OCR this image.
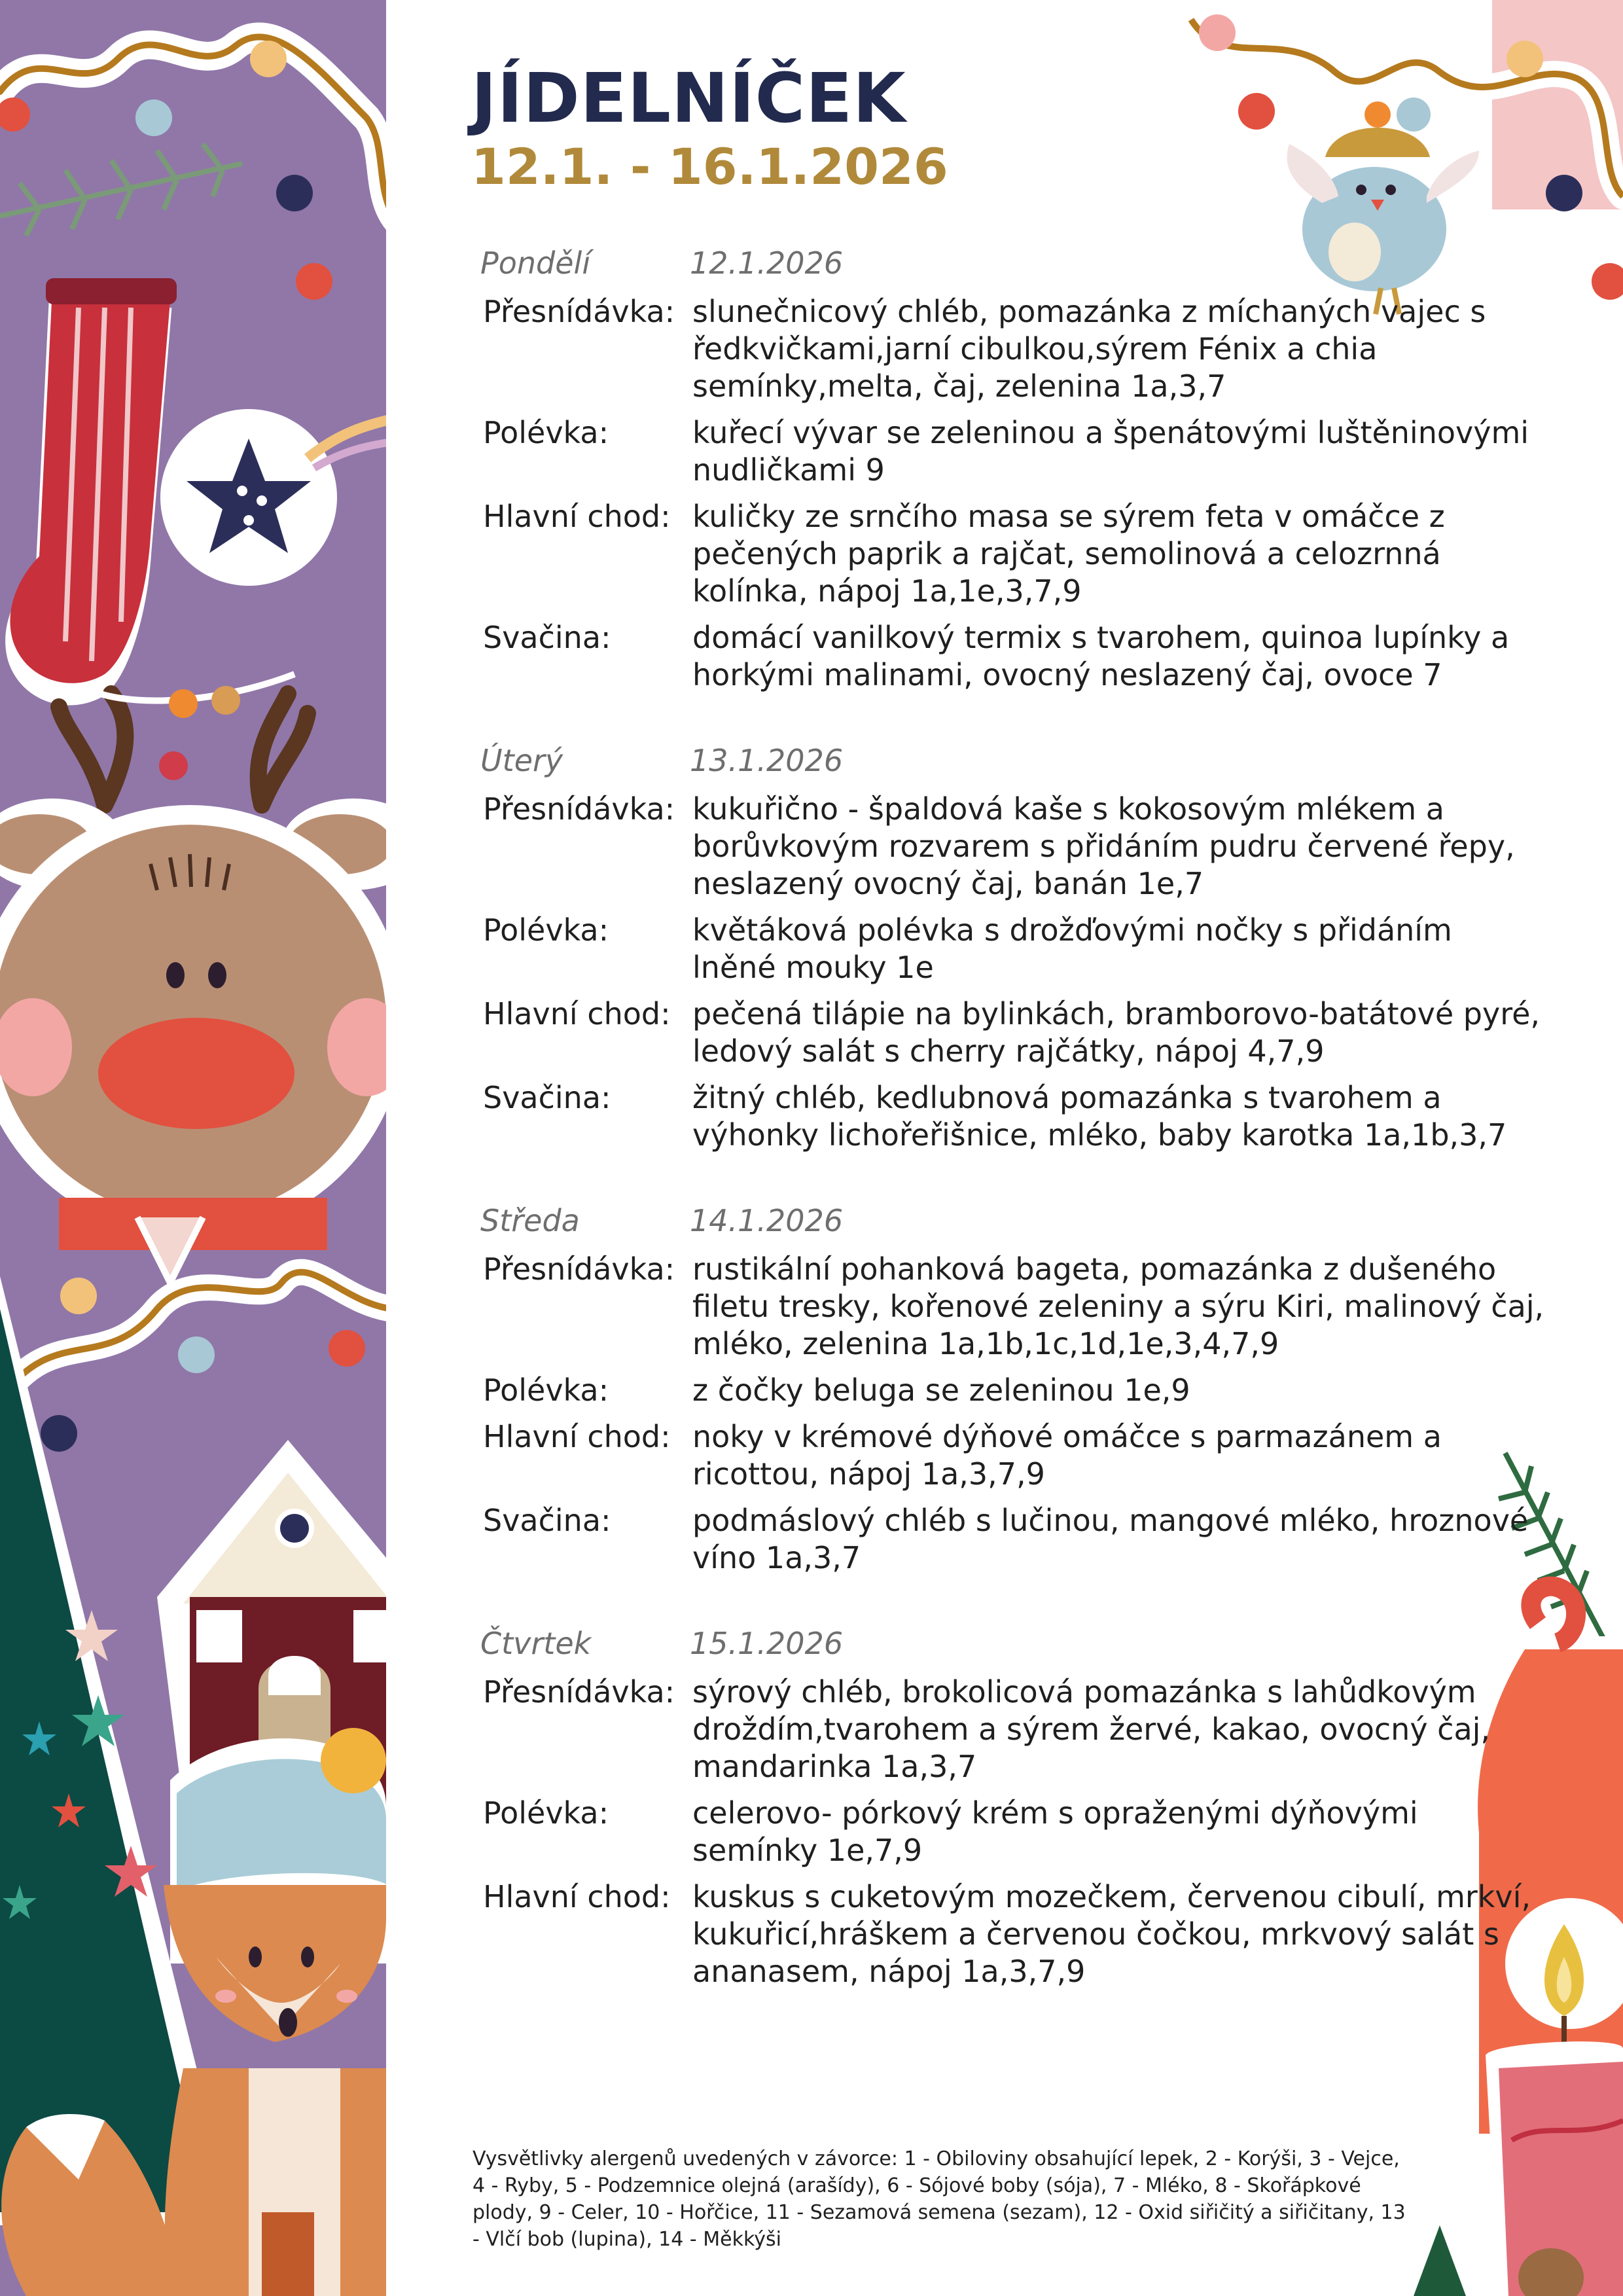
JÍDELNÍČEK
12.1. - 16.1.2026
Pondělí	12.1.2026
Přesnídávka: slunečnicový chléb, pomazánka z míchaných vajec s ředkvičkami,jarní cibulkou,sýrem Fénix a chia semínky,melta, čaj, zelenina 1a,3,7
Polévka:	kuřecí vývar se zeleninou a špenátovými luštěninovými nudličkami 9
Hlavní chod: kuličky ze srnčího masa se sýrem feta v omáčce z pečených paprik a rajčat, semolinová a celozrnná kolínka, nápoj 1a,1e,3,7,9
Svačina:	domácí vanilkový termix s tvarohem, quinoa lupínky a horkými malinami, ovocný neslazený čaj, ovoce 7
Úterý	13.1.2026
Přesnídávka: kukuřično - špaldová kaše s kokosovým mlékem a borůvkovým rozvarem s přidáním pudru červené řepy, neslazený ovocný čaj, banán 1e,7
Polévka:	květáková polévka s drožďovými nočky s přidáním lněné mouky 1e
Hlavní chod: pečená tilápie na bylinkách, bramborovo-batátové pyré, ledový salát s cherry rajčátky, nápoj 4,7,9
Svačina:	žitný chléb, kedlubnová pomazánka s tvarohem a výhonky lichořeřišnice, mléko, baby karotka 1a,1b,3,7
Středa	14.1.2026
Přesnídávka: rustikální pohanková bageta, pomazánka z dušeného filetu tresky, kořenové zeleniny a sýru Kiri, malinový čaj, mléko, zelenina 1a,1b,1c,1d,1e,3,4,7,9
Polévka:	z čočky beluga se zeleninou 1e,9
Hlavní chod: noky v krémové dýňové omáčce s parmazánem a ricottou, nápoj 1a,3,7,9
Svačina:	podmáslový chléb s lučinou, mangové mléko, hroznové víno 1a,3,7
Čtvrtek	15.1.2026
Přesnídávka: sýrový chléb, brokolicová pomazánka s lahůdkovým droždím,tvarohem a sýrem žervé, kakao, ovocný čaj, mandarinka 1a,3,7
Polévka:	celerovo- pórkový krém s opraženými dýňovými semínky 1e,7,9
Hlavní chod: kuskus s cuketovým mozečkem, červenou cibulí, mrkví, kukuřicí,hráškem a červenou čočkou, mrkvový salát s ananasem, nápoj 1a,3,7,9
Vysvětlivky alergenů uvedených v závorce: 1 - Obiloviny obsahující lepek, 2 - Korýši, 3 - Vejce, 4 - Ryby, 5 - Podzemnice olejná (arašídy), 6 - Sójové boby (sója), 7 - Mléko, 8 - Skořápkové plody, 9 - Celer, 10 - Hořčice, 11 - Sezamová semena (sezam), 12 - Oxid siřičitý a siřičitany, 13 - Vlčí bob (lupina), 14 - Měkkýši
